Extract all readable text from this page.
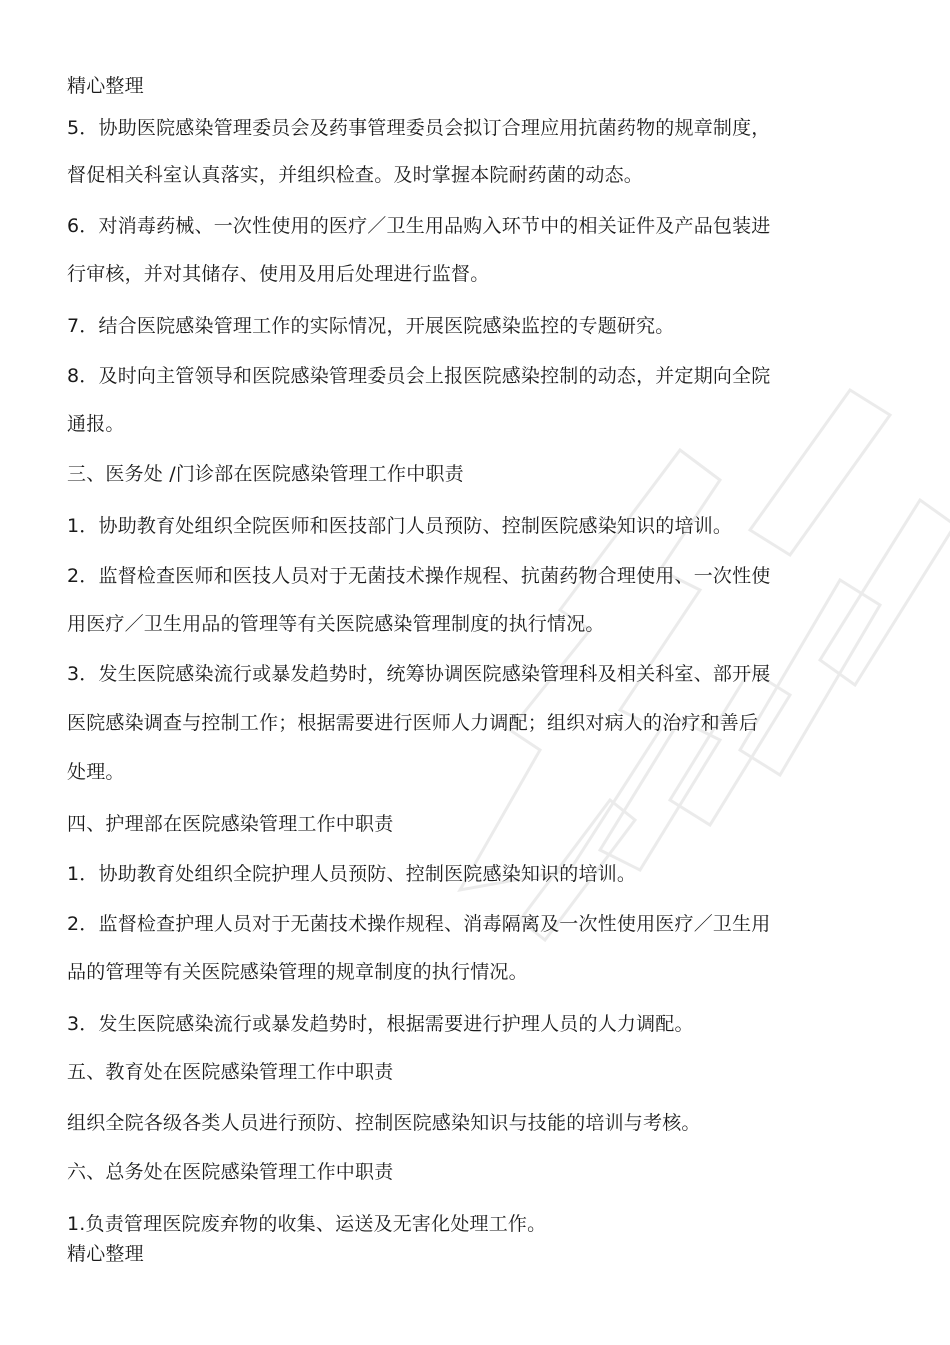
精心整理
5．协助医院感染管理委员会及药事管理委员会拟订合理应用抗菌药物的规章制度，
督促相关科室认真落实，并组织检查。及时掌握本院耐药菌的动态。
6．对消毒药械、一次性使用的医疗／卫生用品购入环节中的相关证件及产品包装进
行审核，并对其储存、使用及用后处理进行监督。
7．结合医院感染管理工作的实际情况，开展医院感染监控的专题研究。
8．及时向主管领导和医院感染管理委员会上报医院感染控制的动态，并定期向全院
通报。
三、医务处 /门诊部在医院感染管理工作中职责
1．协助教育处组织全院医师和医技部门人员预防、控制医院感染知识的培训。
2．监督检查医师和医技人员对于无菌技术操作规程、抗菌药物合理使用、一次性使
用医疗／卫生用品的管理等有关医院感染管理制度的执行情况。
3．发生医院感染流行或暴发趋势时，统筹协调医院感染管理科及相关科室、部开展
医院感染调查与控制工作；根据需要进行医师人力调配；组织对病人的治疗和善后
处理。
四、护理部在医院感染管理工作中职责
1．协助教育处组织全院护理人员预防、控制医院感染知识的培训。
2．监督检查护理人员对于无菌技术操作规程、消毒隔离及一次性使用医疗／卫生用
品的管理等有关医院感染管理的规章制度的执行情况。
3．发生医院感染流行或暴发趋势时，根据需要进行护理人员的人力调配。
五、教育处在医院感染管理工作中职责
组织全院各级各类人员进行预防、控制医院感染知识与技能的培训与考核。
六、总务处在医院感染管理工作中职责
1.负责管理医院废弃物的收集、运送及无害化处理工作。
精心整理
